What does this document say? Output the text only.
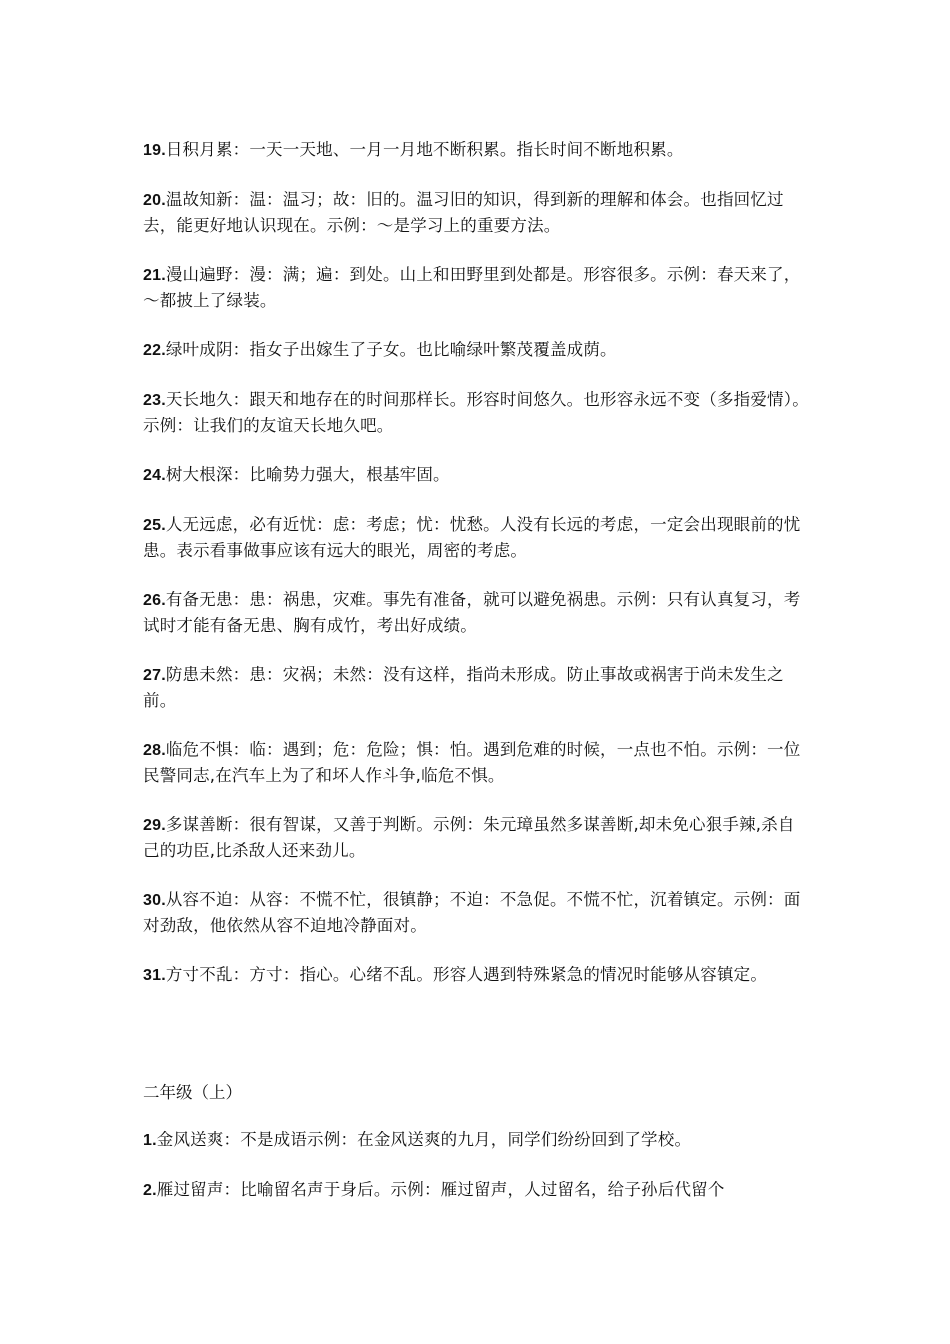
19.日积月累：一天一天地、一月一月地不断积累。指长时间不断地积累。

20.温故知新：温：温习；故：旧的。温习旧的知识，得到新的理解和体会。也指回忆过去，能更好地认识现在。示例：～是学习上的重要方法。

21.漫山遍野：漫：满；遍：到处。山上和田野里到处都是。形容很多。示例：春天来了，～都披上了绿装。

22.绿叶成阴：指女子出嫁生了子女。也比喻绿叶繁茂覆盖成荫。

23.天长地久：跟天和地存在的时间那样长。形容时间悠久。也形容永远不变（多指爱情）。示例：让我们的友谊天长地久吧。

24.树大根深：比喻势力强大，根基牢固。

25.人无远虑，必有近忧：虑：考虑；忧：忧愁。人没有长远的考虑，一定会出现眼前的忧患。表示看事做事应该有远大的眼光，周密的考虑。

26.有备无患：患：祸患，灾难。事先有准备，就可以避免祸患。示例：只有认真复习，考试时才能有备无患、胸有成竹，考出好成绩。

27.防患未然：患：灾祸；未然：没有这样，指尚未形成。防止事故或祸害于尚未发生之前。

28.临危不惧：临：遇到；危：危险；惧：怕。遇到危难的时候，一点也不怕。示例：一位民警同志,在汽车上为了和坏人作斗争,临危不惧。

29.多谋善断：很有智谋，又善于判断。示例：朱元璋虽然多谋善断,却未免心狠手辣,杀自己的功臣,比杀敌人还来劲儿。

30.从容不迫：从容：不慌不忙，很镇静；不迫：不急促。不慌不忙，沉着镇定。示例：面对劲敌，他依然从容不迫地冷静面对。

31.方寸不乱：方寸：指心。心绪不乱。形容人遇到特殊紧急的情况时能够从容镇定。

二年级（上）

1.金风送爽：不是成语示例：在金风送爽的九月，同学们纷纷回到了学校。

2.雁过留声：比喻留名声于身后。示例：雁过留声，人过留名，给子孙后代留个
